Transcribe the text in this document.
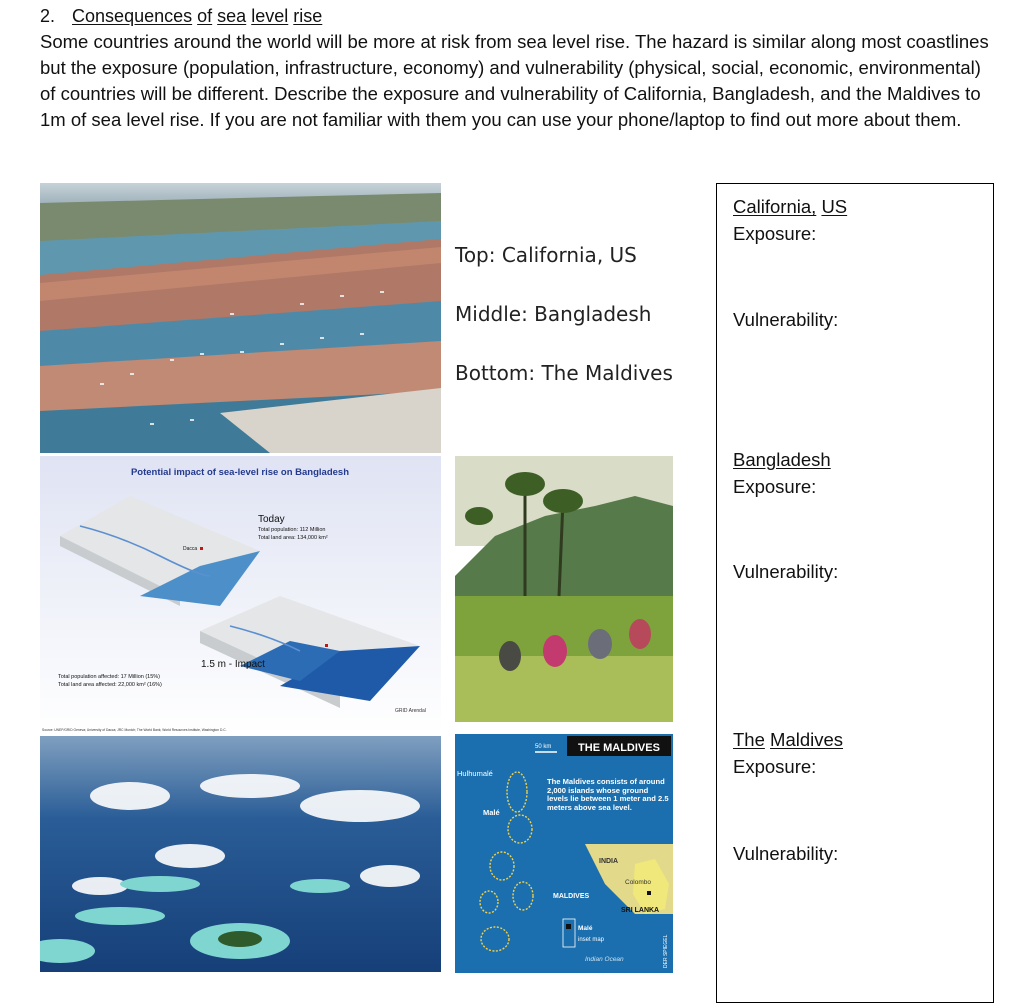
2. Consequences of sea level rise
Some countries around the world will be more at risk from sea level rise. The hazard is similar along most coastlines but the exposure (population, infrastructure, economy) and vulnerability (physical, social, economic, environmental) of countries will be different. Describe the exposure and vulnerability of California, Bangladesh, and the Maldives to 1m of sea level rise. If you are not familiar with them you can use your phone/laptop to find out more about them.
Top: California, US
Middle: Bangladesh
Bottom: The Maldives
Potential impact of sea-level rise on Bangladesh
Dacca
Today
Total population: 112 Million
Total land area: 134,000 km²
1.5 m - Impact
Total population affected: 17 Million (15%)
Total land area affected: 22,000 km² (16%)
GRID Arendal
Source: UNEP/GRID Geneva; University of Dacca; JRC Munich; The World Bank; World Resources Institute, Washington D.C.
THE MALDIVES
50 km
Hulhumalé
Malé
The Maldives consists of around 2,000 islands whose ground levels lie between 1 meter and 2.5 meters above sea level.
INDIA
Colombo
MALDIVES
SRI LANKA
Malé
inset map
Indian Ocean	DER SPIEGEL
California, US
Exposure:
Vulnerability:
Bangladesh
Exposure:
Vulnerability:
The Maldives
Exposure:
Vulnerability:
